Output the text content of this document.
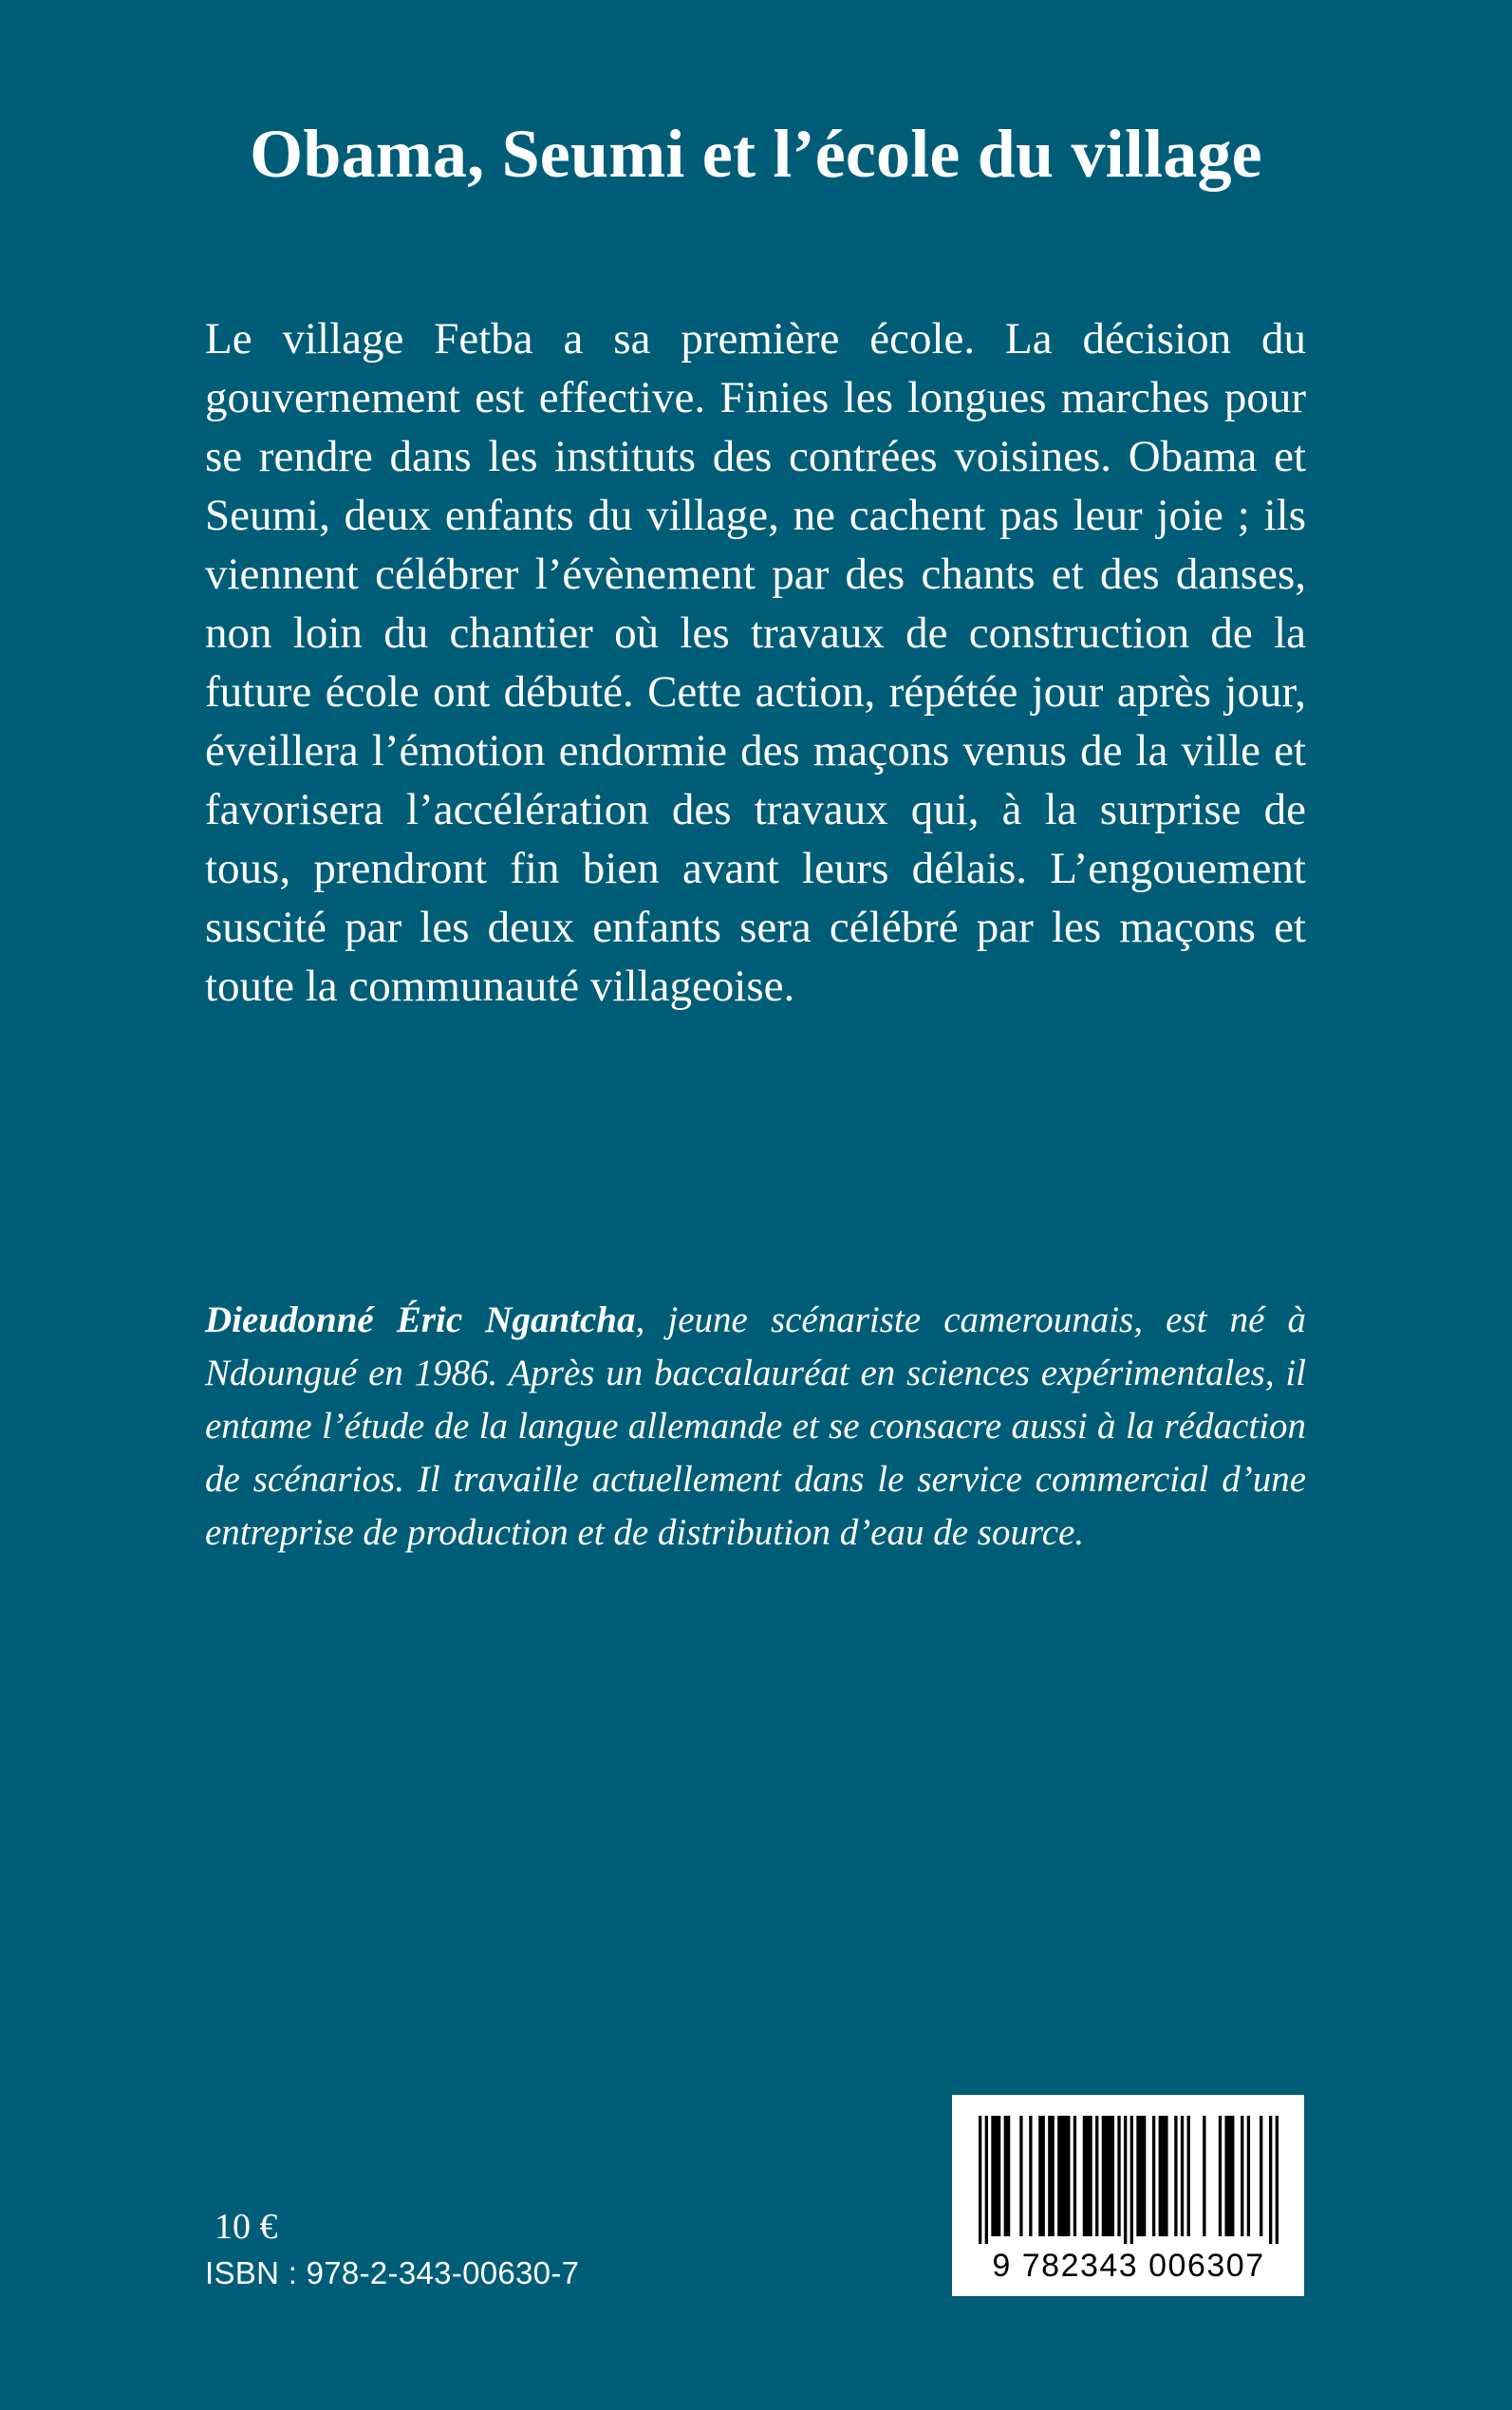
Obama, Seumi et l’école du village

Le village Fetba a sa première école. La décision du gouvernement est effective. Finies les longues marches pour se rendre dans les instituts des contrées voisines. Obama et Seumi, deux enfants du village, ne cachent pas leur joie ; ils viennent célébrer l’évènement par des chants et des danses, non loin du chantier où les travaux de construction de la future école ont débuté. Cette action, répétée jour après jour, éveillera l’émotion endormie des maçons venus de la ville et favorisera l’accélération des travaux qui, à la surprise de tous, prendront fin bien avant leurs délais. L’engouement suscité par les deux enfants sera célébré par les maçons et toute la communauté villageoise.

Dieudonné Éric Ngantcha, jeune scénariste camerounais, est né à Ndoungué en 1986. Après un baccalauréat en sciences expérimentales, il entame l’étude de la langue allemande et se consacre aussi à la rédaction de scénarios. Il travaille actuellement dans le service commercial d’une entreprise de production et de distribution d’eau de source.

10 €

ISBN : 978-2-343-00630-7	9 782343 006307
